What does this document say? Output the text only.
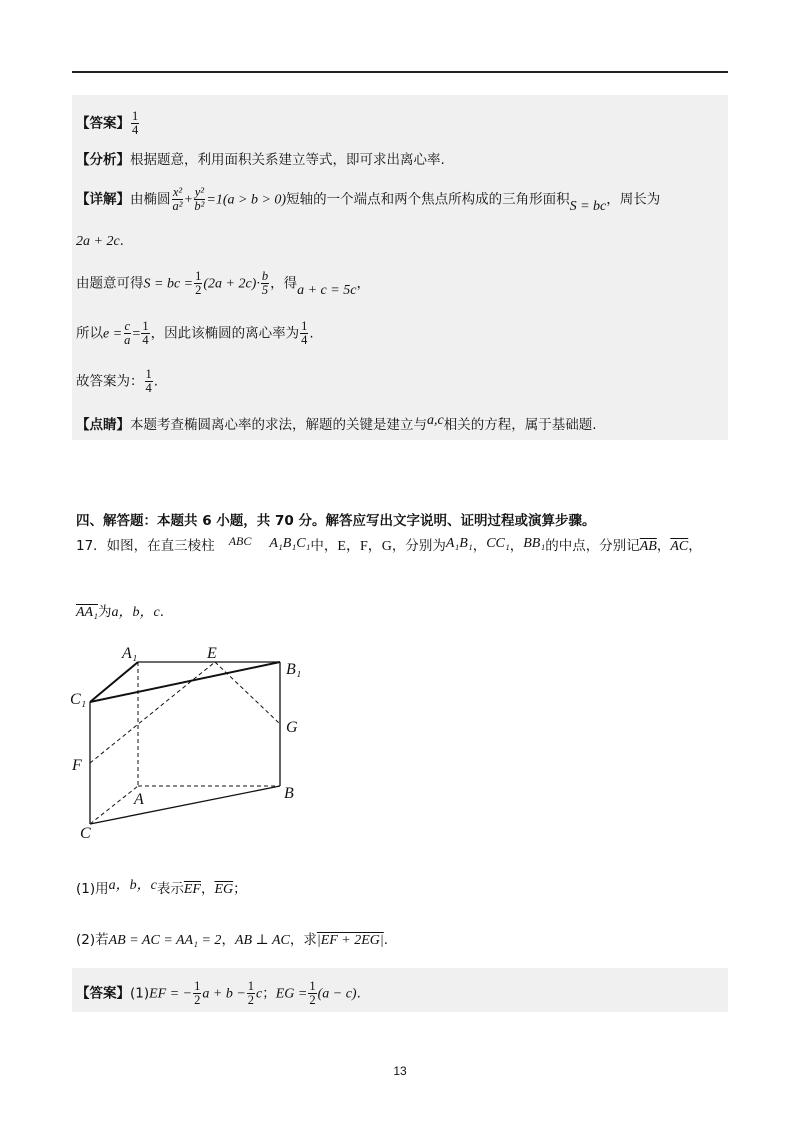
【答案】 $\frac{1}{4}$
【分析】根据题意，利用面积关系建立等式，即可求出离心率.
【详解】由椭圆 $\frac{\text{x²}}{\text{a²}} + \frac{\text{y²}}{\text{b²}} =1(a > b > 0)$短轴的一个端点和两个焦点所构成的三角形面积S = bc，周长为
2a + 2c.
由题意可得S = bc = $\frac{1}{2} (2a + 2c)\cdot \frac{b}{5}$ ，得a + c = 5c，
所以$e = \frac{c}{a} = \frac{1}{4}$ ，因此该椭圆的离心率为 $\frac{1}{4}$ .
故答案为： $\frac{1}{4}$ .
【点睛】本题考查椭圆离心率的求法，解题的关键是建立与a,c相关的方程，属于基础题.
四、解答题：本题共 6 小题，共 70 分。解答应写出文字说明、证明过程或演算步骤。
17．如图，在直三棱柱 ABC A₁B₁C₁中，E，F，G，分别为A₁B₁，CC₁，BB₁的中点，分别记$\overline{AB}$，$\overline{AC}$，
AA₁为a，b，c.
A₁	E
B₁
C₁
G
F
A	B
C
(1)用a，b，c表示$\overline{EF}$，$\overline{EG}$；
(2)若AB = AC = AA₁ = 2，AB ⊥ AC，求|EF + 2EG|.
【答案】(1)EF = − $\frac{1}{2}$ $a + b - \frac{1}{2}$ c；EG = $\frac{1}{2} (a - c)$.
13
